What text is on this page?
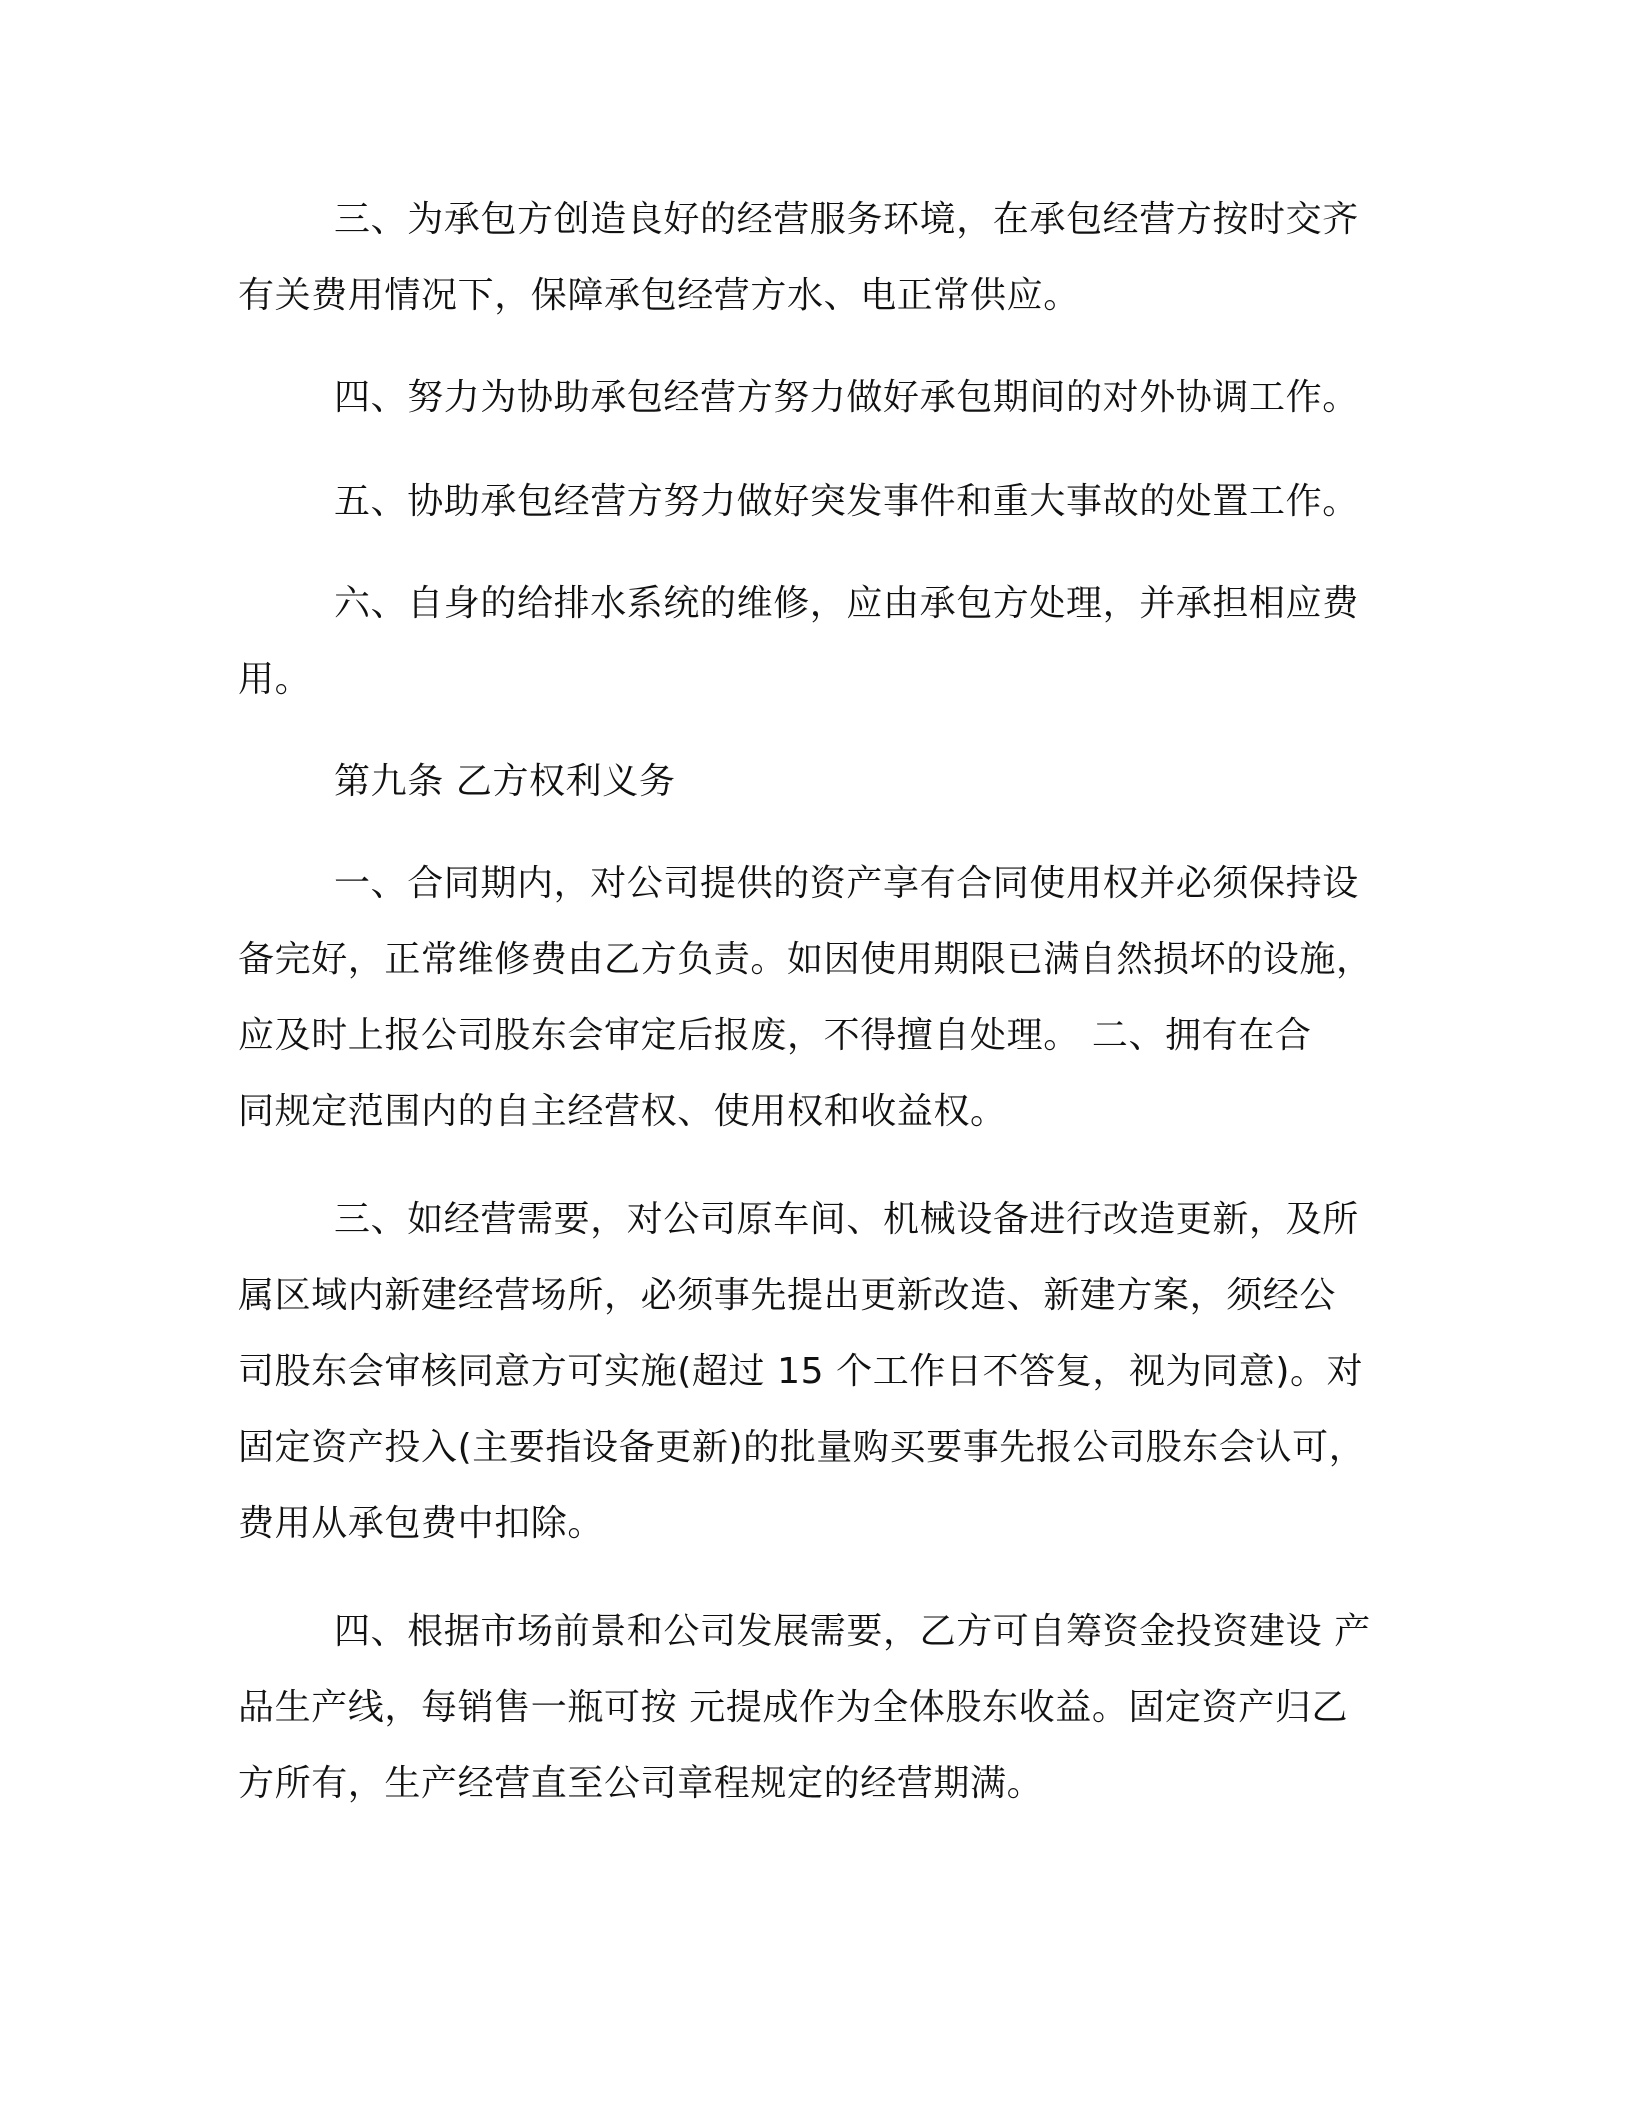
三、为承包方创造良好的经营服务环境，在承包经营方按时交齐

有关费用情况下，保障承包经营方水、电正常供应。

四、努力为协助承包经营方努力做好承包期间的对外协调工作。

五、协助承包经营方努力做好突发事件和重大事故的处置工作。

六、自身的给排水系统的维修，应由承包方处理，并承担相应费

用。

第九条 乙方权利义务

一、合同期内，对公司提供的资产享有合同使用权并必须保持设

备完好，正常维修费由乙方负责。如因使用期限已满自然损坏的设施，

应及时上报公司股东会审定后报废，不得擅自处理。 二、拥有在合

同规定范围内的自主经营权、使用权和收益权。

三、如经营需要，对公司原车间、机械设备进行改造更新，及所

属区域内新建经营场所，必须事先提出更新改造、新建方案，须经公

司股东会审核同意方可实施(超过 15 个工作日不答复，视为同意)。对

固定资产投入(主要指设备更新)的批量购买要事先报公司股东会认可，

费用从承包费中扣除。

四、根据市场前景和公司发展需要，乙方可自筹资金投资建设 产

品生产线，每销售一瓶可按 元提成作为全体股东收益。固定资产归乙

方所有，生产经营直至公司章程规定的经营期满。
